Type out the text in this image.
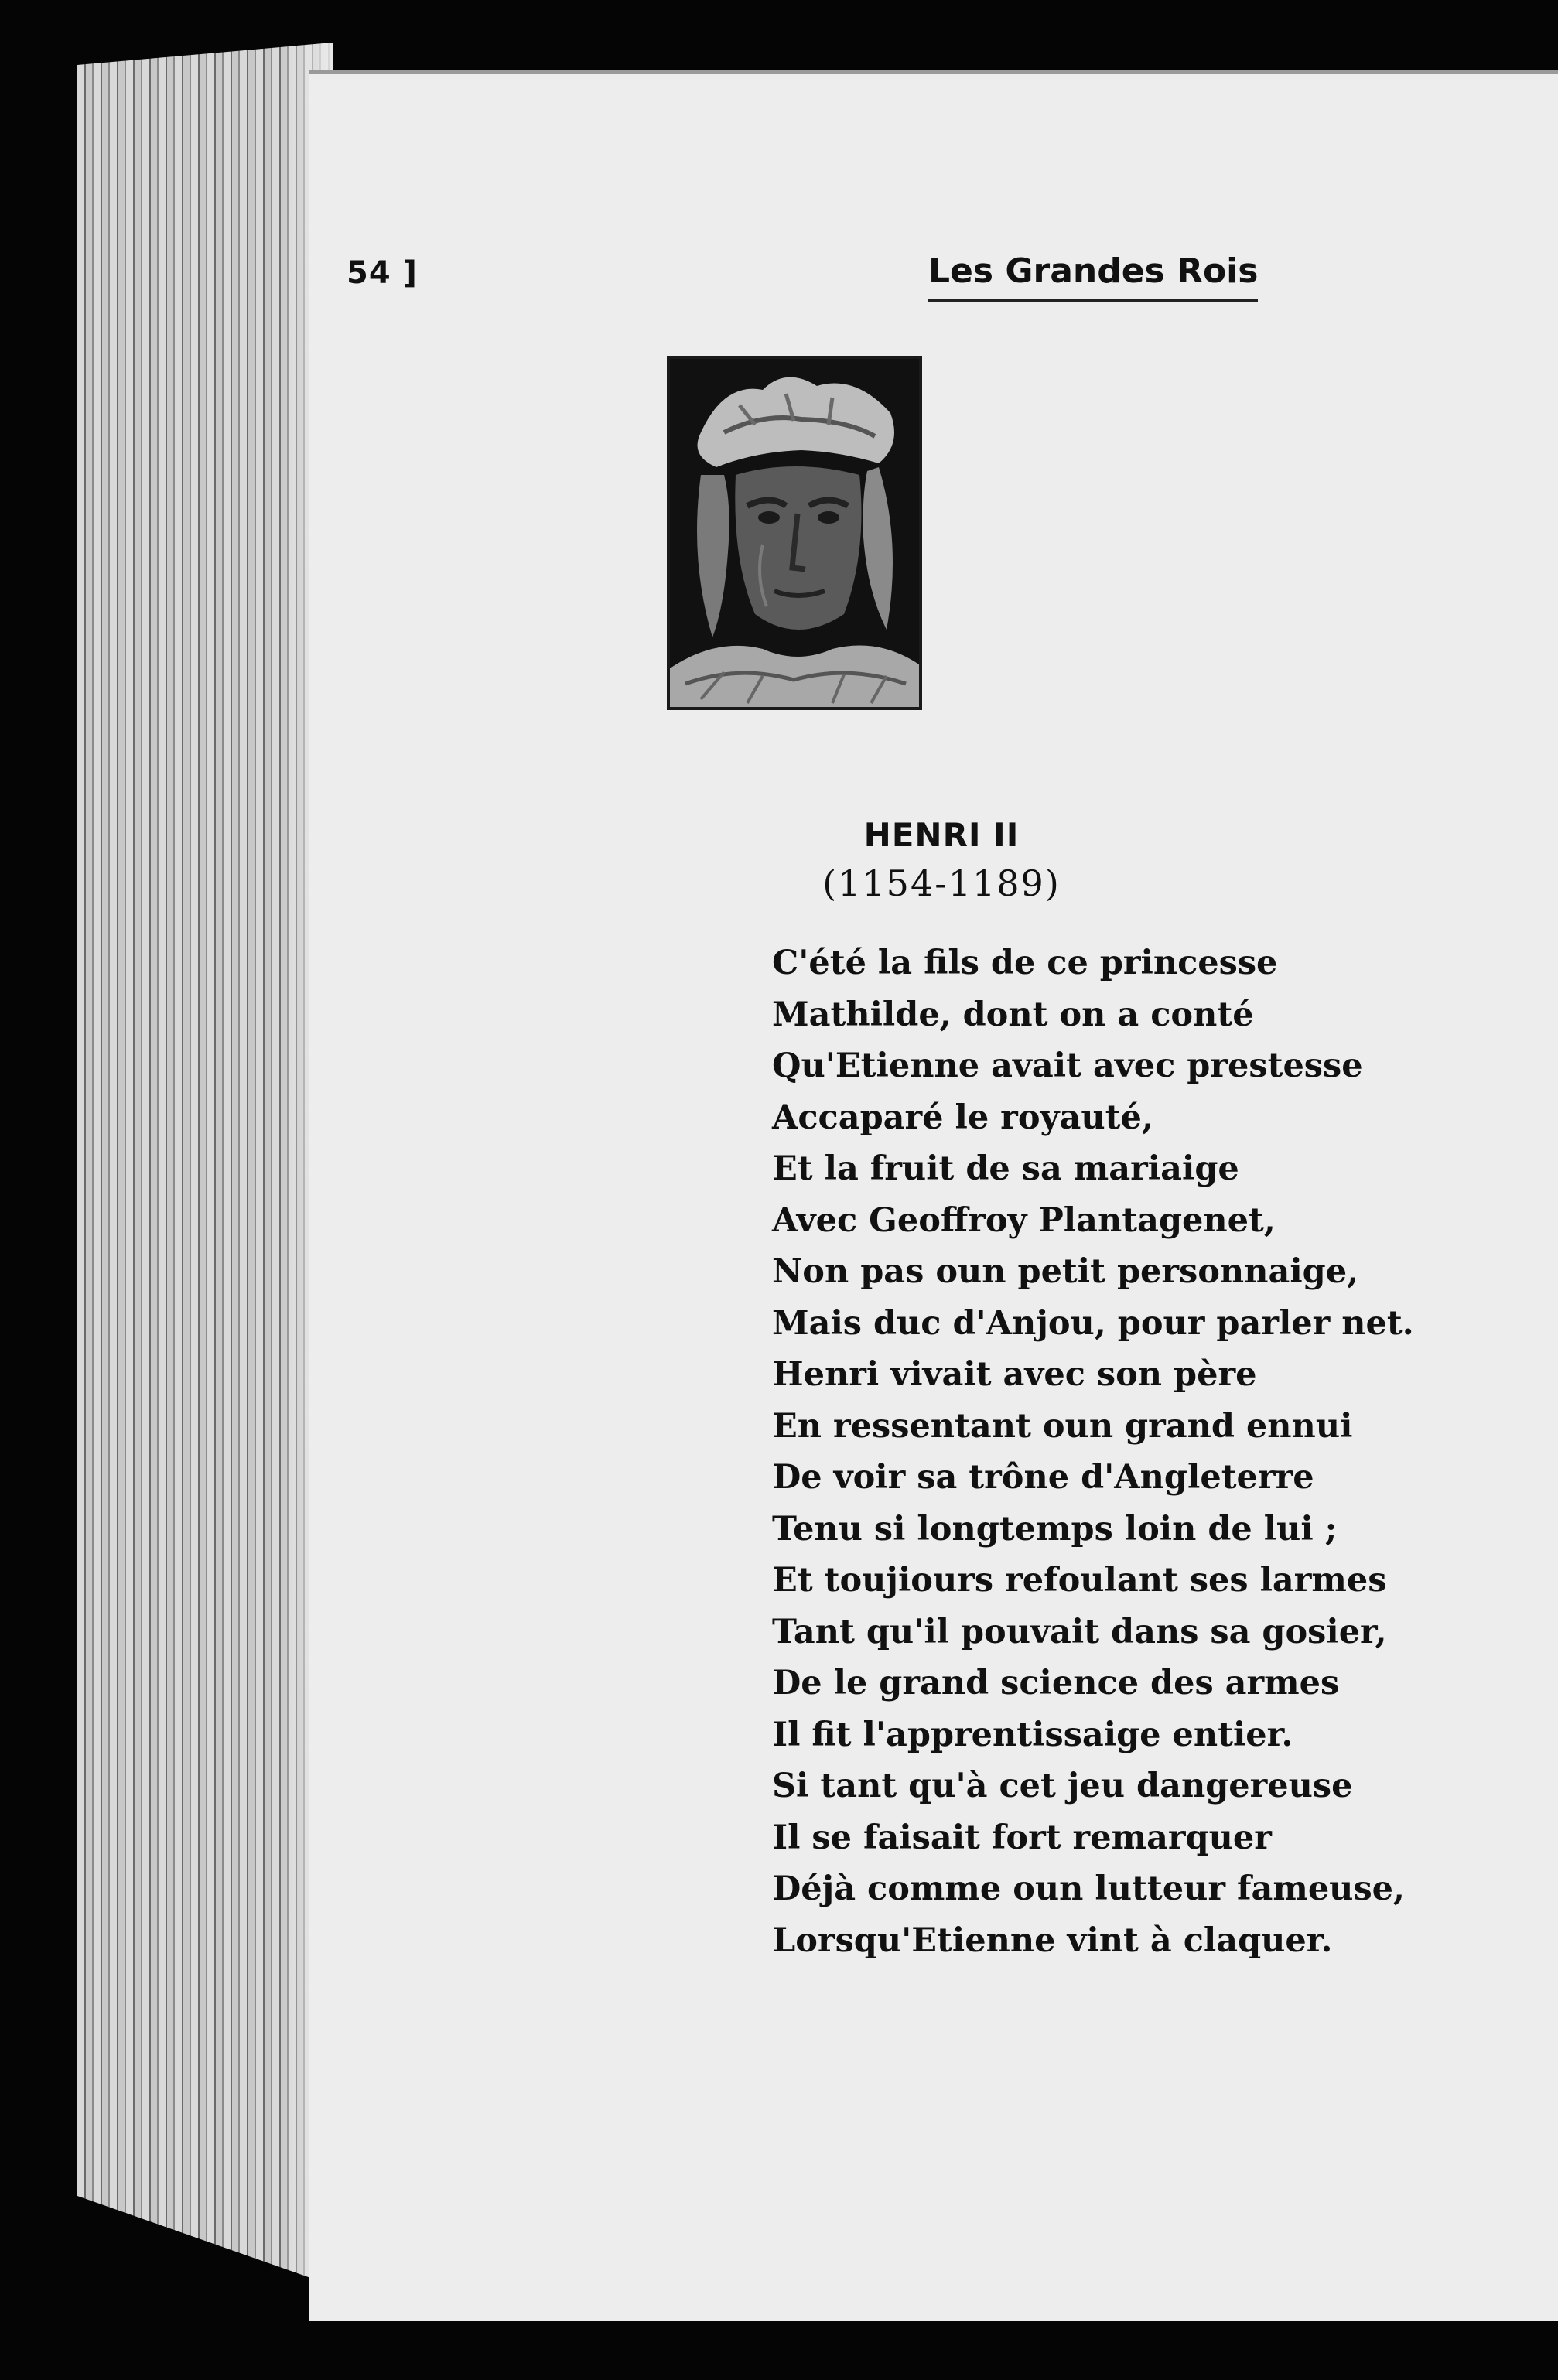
54 ]	Les Grandes Rois
HENRI II
(1154-1189)
C'été la fils de ce princesse
Mathilde, dont on a conté
Qu'Etienne avait avec prestesse
Accaparé le royauté,
Et la fruit de sa mariaige
Avec Geoffroy Plantagenet,
Non pas oun petit personnaige,
Mais duc d'Anjou, pour parler net.
Henri vivait avec son père
En ressentant oun grand ennui
De voir sa trône d'Angleterre
Tenu si longtemps loin de lui ;
Et toujiours refoulant ses larmes
Tant qu'il pouvait dans sa gosier,
De le grand science des armes
Il fit l'apprentissaige entier.
Si tant qu'à cet jeu dangereuse
Il se faisait fort remarquer
Déjà comme oun lutteur fameuse,
Lorsqu'Etienne vint à claquer.
